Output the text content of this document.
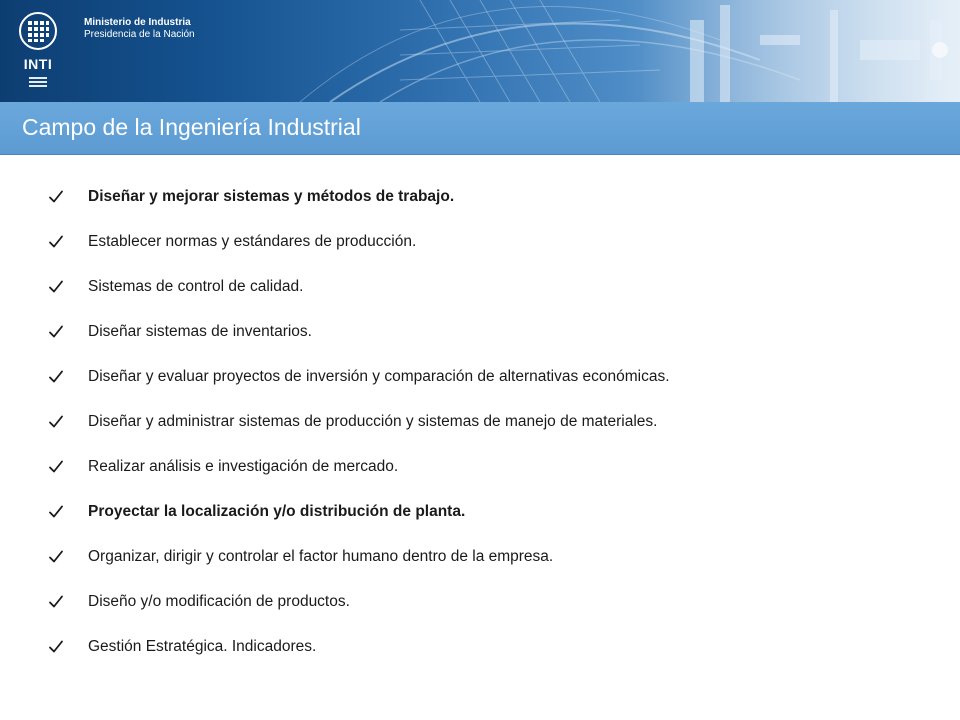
INTI
Ministerio de Industria
Presidencia de la Nación
Campo de la Ingeniería Industrial
Diseñar y mejorar sistemas y métodos de trabajo.
Establecer normas y estándares de producción.
Sistemas de control de calidad.
Diseñar sistemas de inventarios.
Diseñar y evaluar proyectos de inversión y comparación de alternativas económicas.
Diseñar y administrar sistemas de producción y sistemas de manejo de materiales.
Realizar análisis e investigación de mercado.
Proyectar la localización y/o distribución de planta.
Organizar, dirigir y controlar el factor humano dentro de la empresa.
Diseño y/o modificación de productos.
Gestión Estratégica. Indicadores.
